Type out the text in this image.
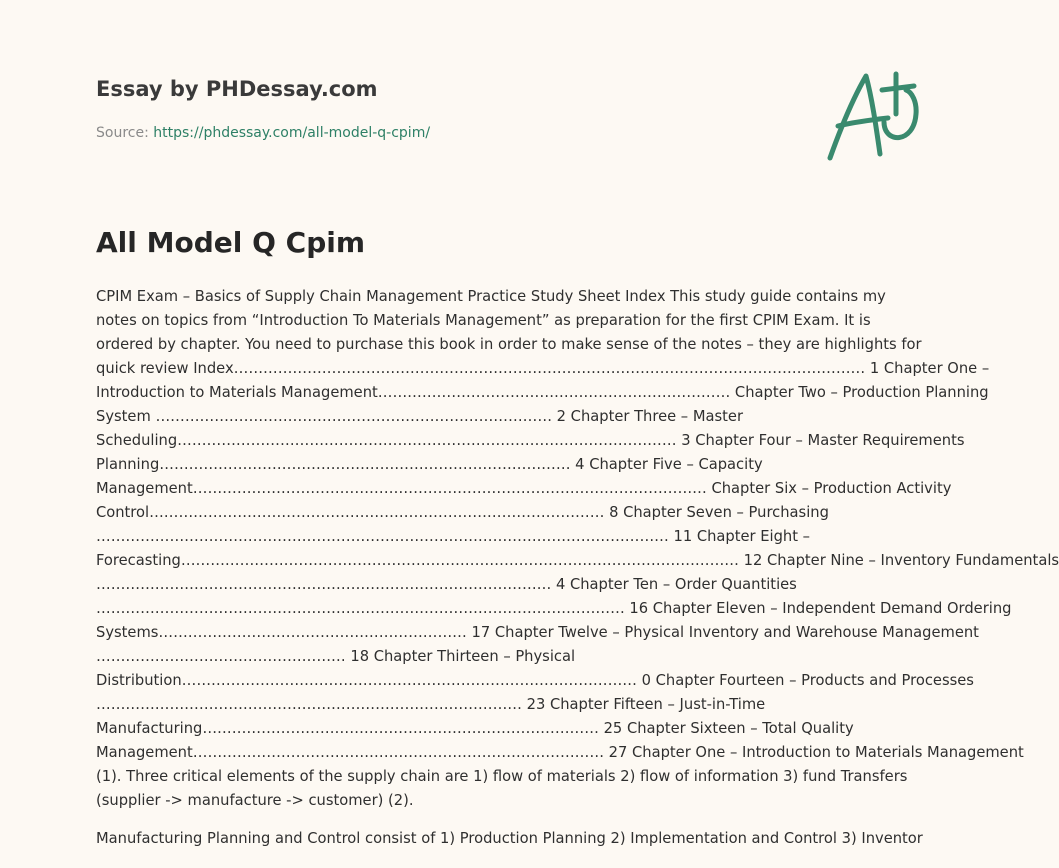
Essay by PHDessay.com
Source: https://phdessay.com/all-model-q-cpim/
All Model Q Cpim

CPIM Exam – Basics of Supply Chain Management Practice Study Sheet Index This study guide contains my
notes on topics from “Introduction To Materials Management” as preparation for the first CPIM Exam. It is
ordered by chapter. You need to purchase this book in order to make sense of the notes – they are highlights for
quick review Index………………………………………………………………………………………………………………… 1 Chapter One –
Introduction to Materials Management……………………………………………………………… Chapter Two – Production Planning
System ……………………………………………………………………… 2 Chapter Three – Master
Scheduling………………………………………………………………………………………… 3 Chapter Four – Master Requirements
Planning………………………………………………………………………… 4 Chapter Five – Capacity
Management…………………………………………………………………………………………… Chapter Six – Production Activity
Control………………………………………………………………………………… 8 Chapter Seven – Purchasing
……………………………………………………………………………………………………… 11 Chapter Eight –
Forecasting…………………………………………………………………………………………………… 12 Chapter Nine – Inventory Fundamentals
………………………………………………………………………………… 4 Chapter Ten – Order Quantities
……………………………………………………………………………………………… 16 Chapter Eleven – Independent Demand Ordering
Systems……………………………………………………… 17 Chapter Twelve – Physical Inventory and Warehouse Management
…………………………………………… 18 Chapter Thirteen – Physical
Distribution………………………………………………………………………………… 0 Chapter Fourteen – Products and Processes
…………………………………………………………………………… 23 Chapter Fifteen – Just-in-Time
Manufacturing……………………………………………………………………… 25 Chapter Sixteen – Total Quality
Management………………………………………………………………………… 27 Chapter One – Introduction to Materials Management
(1). Three critical elements of the supply chain are 1) flow of materials 2) flow of information 3) fund Transfers
(supplier -> manufacture -> customer) (2).

Manufacturing Planning and Control consist of 1) Production Planning 2) Implementation and Control 3) Inventor
